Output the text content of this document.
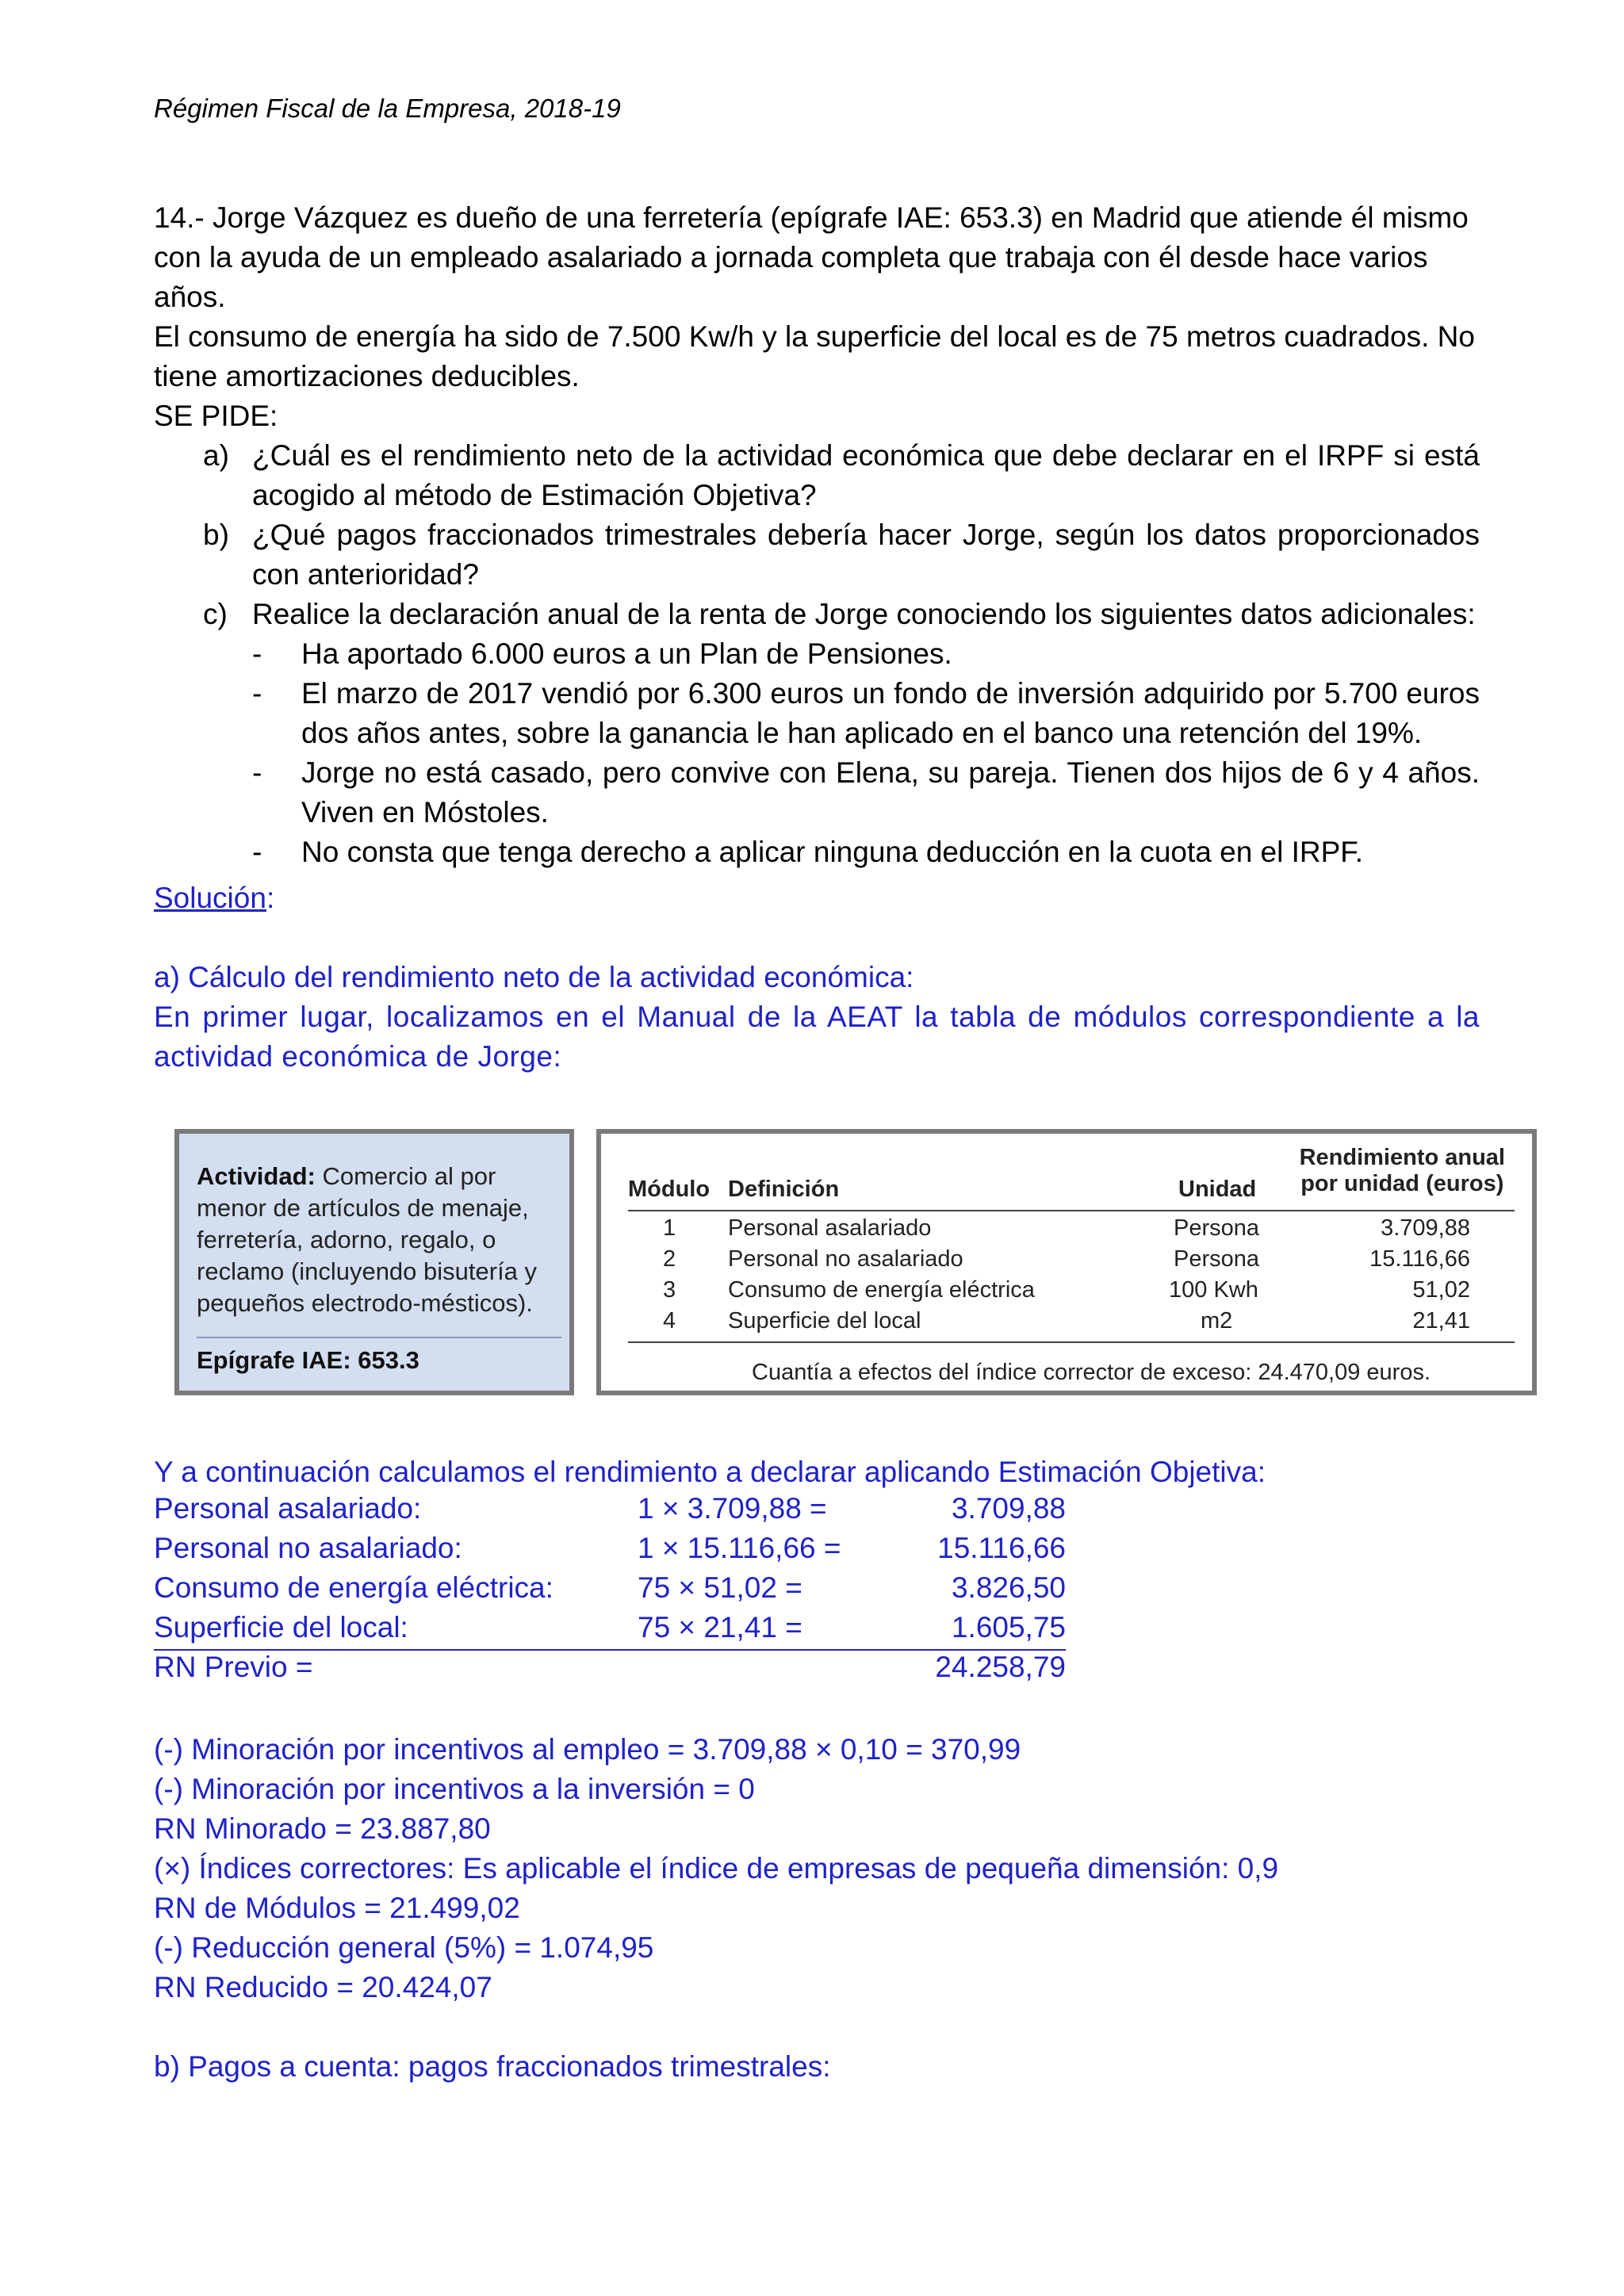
Régimen Fiscal de la Empresa, 2018-19

14.- Jorge Vázquez es dueño de una ferretería (epígrafe IAE: 653.3) en Madrid que atiende él mismo

con la ayuda de un empleado asalariado a jornada completa que trabaja con él desde hace varios años.

El consumo de energía ha sido de 7.500 Kw/h y la superficie del local es de 75 metros cuadrados. No

tiene amortizaciones deducibles.

SE PIDE:

a) ¿Cuál es el rendimiento neto de la actividad económica que debe declarar en el IRPF si está acogido al método de Estimación Objetiva?
b) ¿Qué pagos fraccionados trimestrales debería hacer Jorge, según los datos proporcionados con anterioridad?
c) Realice la declaración anual de la renta de Jorge conociendo los siguientes datos adicionales:
-	Ha aportado 6.000 euros a un Plan de Pensiones.
-	El marzo de 2017 vendió por 6.300 euros un fondo de inversión adquirido por 5.700 euros dos años antes, sobre la ganancia le han aplicado en el banco una retención del 19%.
-	Jorge no está casado, pero convive con Elena, su pareja. Tienen dos hijos de 6 y 4 años. Viven en Móstoles.
-	No consta que tenga derecho a aplicar ninguna deducción en la cuota en el IRPF.
Solución:
a) Cálculo del rendimiento neto de la actividad económica:
En primer lugar, localizamos en el Manual de la AEAT la tabla de módulos correspondiente a la actividad económica de Jorge:
Actividad: Comercio al por menor de artículos de menaje, ferretería, adorno, regalo, o reclamo (incluyendo bisutería y pequeños electrodo-mésticos).
Epígrafe IAE: 653.3
Módulo Definición	Unidad
Rendimiento anual
por unidad (euros)
1 Personal asalariado	Persona	3.709,88
2 Personal no asalariado	Persona	15.116,66
3 Consumo de energía eléctrica	100 Kwh	51,02
4 Superficie del local	m2	21,41
Cuantía a efectos del índice corrector de exceso: 24.470,09 euros.
Y a continuación calculamos el rendimiento a declarar aplicando Estimación Objetiva:
Personal asalariado:	1 × 3.709,88 =	3.709,88
Personal no asalariado:	1 × 15.116,66 =	15.116,66
Consumo de energía eléctrica:	75 × 51,02 =	3.826,50
Superficie del local:	75 × 21,41 =	1.605,75
RN Previo =	24.258,79

(-) Minoración por incentivos al empleo = 3.709,88 × 0,10 = 370,99

(-) Minoración por incentivos a la inversión = 0

RN Minorado = 23.887,80

(×) Índices correctores: Es aplicable el índice de empresas de pequeña dimensión: 0,9

RN de Módulos = 21.499,02

(-) Reducción general (5%) = 1.074,95

RN Reducido = 20.424,07

b) Pagos a cuenta: pagos fraccionados trimestrales:
